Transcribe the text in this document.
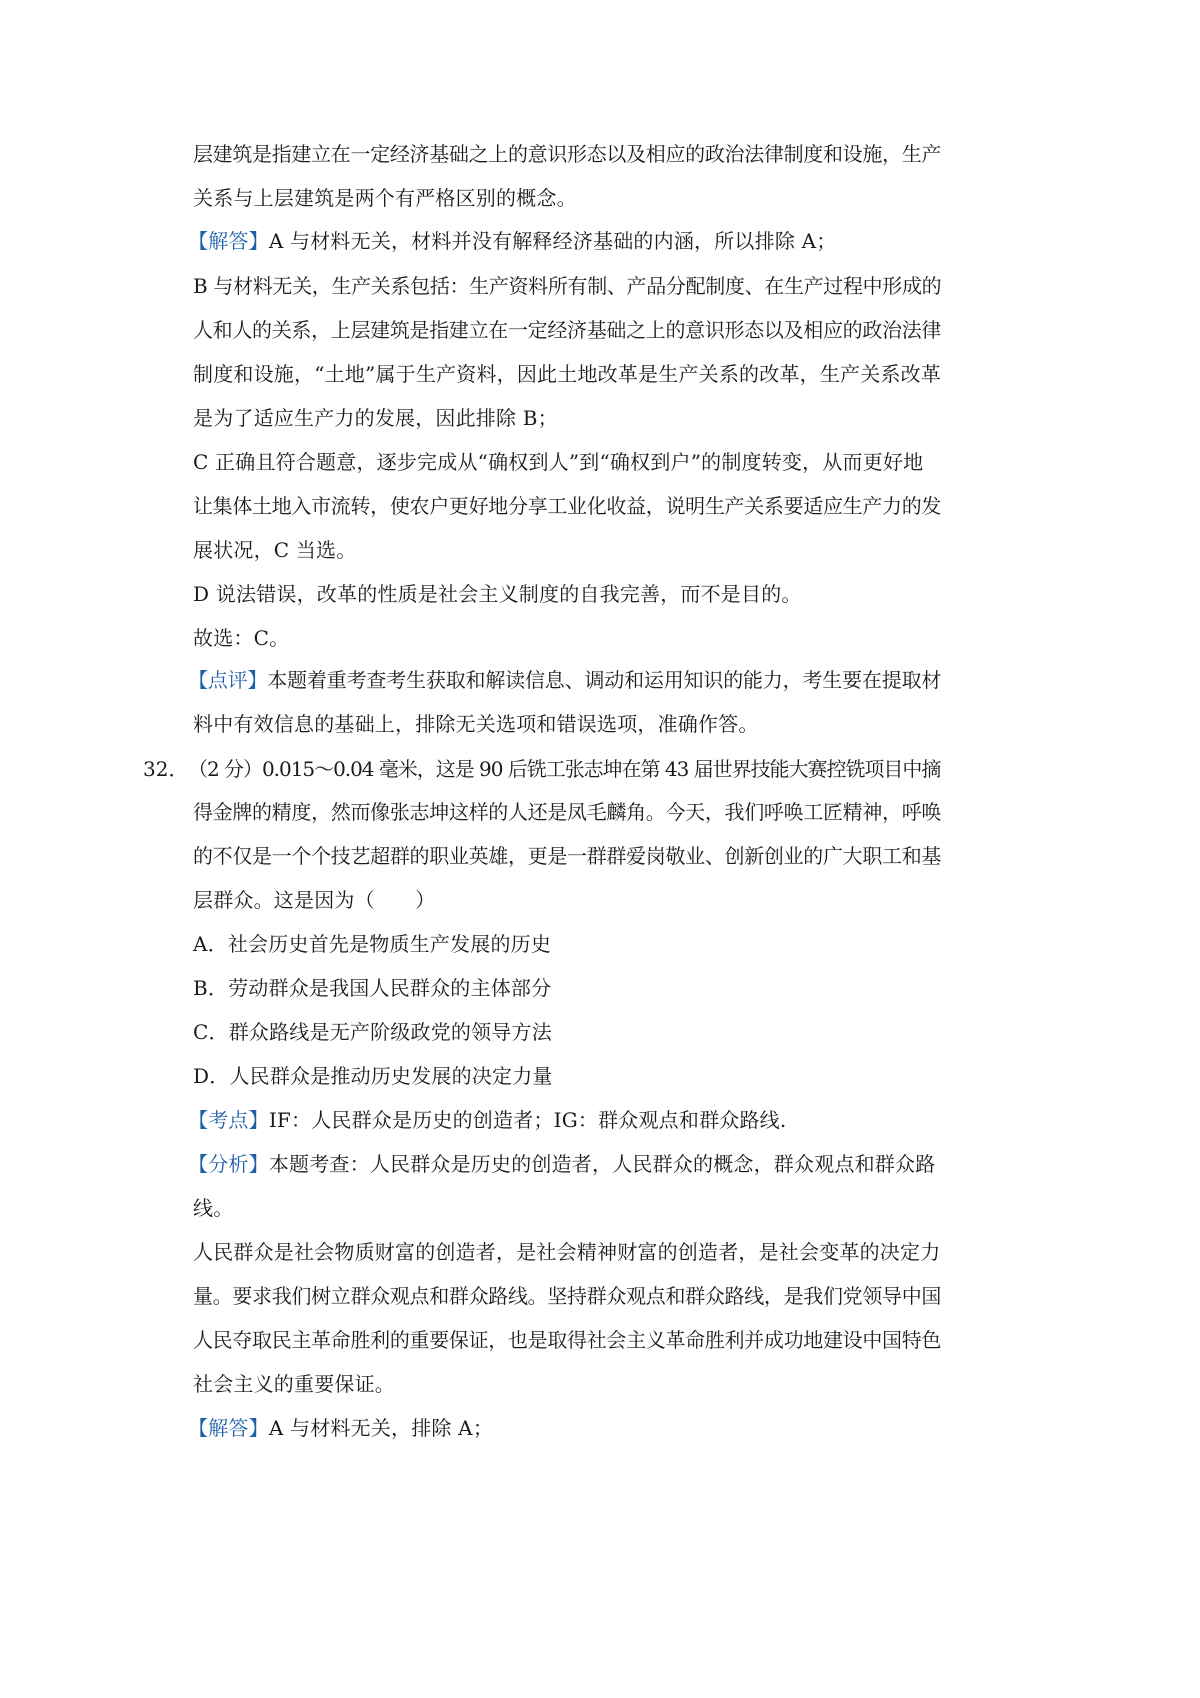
层建筑是指建立在一定经济基础之上的意识形态以及相应的政治法律制度和设施，生产
关系与上层建筑是两个有严格区别的概念。
【解答】A 与材料无关，材料并没有解释经济基础的内涵，所以排除 A；
B 与材料无关，生产关系包括：生产资料所有制、产品分配制度、在生产过程中形成的
人和人的关系，上层建筑是指建立在一定经济基础之上的意识形态以及相应的政治法律
制度和设施，“土地”属于生产资料，因此土地改革是生产关系的改革，生产关系改革
是为了适应生产力的发展，因此排除 B；
C 正确且符合题意，逐步完成从“确权到人”到“确权到户”的制度转变，从而更好地
让集体土地入市流转，使农户更好地分享工业化收益，说明生产关系要适应生产力的发
展状况，C 当选。
D 说法错误，改革的性质是社会主义制度的自我完善，而不是目的。
故选：C。
【点评】本题着重考查考生获取和解读信息、调动和运用知识的能力，考生要在提取材
料中有效信息的基础上，排除无关选项和错误选项，准确作答。
32． （2 分）0.015～0.04 毫米，这是 90 后铣工张志坤在第 43 届世界技能大赛控铣项目中摘
得金牌的精度，然而像张志坤这样的人还是凤毛麟角。今天，我们呼唤工匠精神，呼唤
的不仅是一个个技艺超群的职业英雄，更是一群群爱岗敬业、创新创业的广大职工和基
层群众。这是因为（　　）
A．社会历史首先是物质生产发展的历史
B．劳动群众是我国人民群众的主体部分
C．群众路线是无产阶级政党的领导方法
D．人民群众是推动历史发展的决定力量
【考点】IF：人民群众是历史的创造者；IG：群众观点和群众路线.
【分析】本题考查：人民群众是历史的创造者，人民群众的概念，群众观点和群众路
线。
人民群众是社会物质财富的创造者，是社会精神财富的创造者，是社会变革的决定力
量。要求我们树立群众观点和群众路线。坚持群众观点和群众路线，是我们党领导中国
人民夺取民主革命胜利的重要保证，也是取得社会主义革命胜利并成功地建设中国特色
社会主义的重要保证。
【解答】A 与材料无关，排除 A；
